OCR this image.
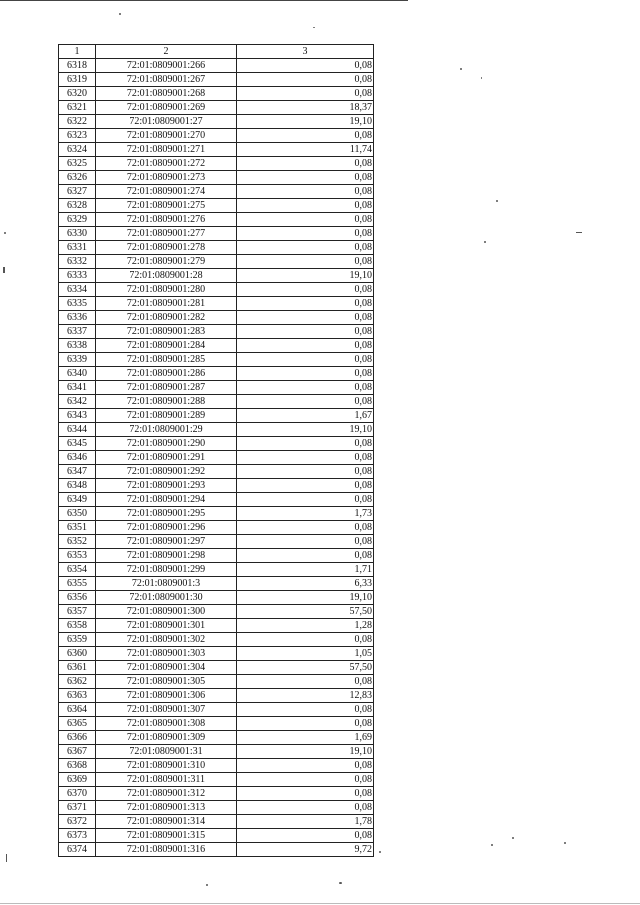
1	2	3
6318	72:01:0809001:266	0,08
6319	72:01:0809001:267	0,08
6320	72:01:0809001:268	0,08
6321	72:01:0809001:269	18,37
6322	72:01:0809001:27	19,10
6323	72:01:0809001:270	0,08
6324	72:01:0809001:271	11,74
6325	72:01:0809001:272	0,08
6326	72:01:0809001:273	0,08
6327	72:01:0809001:274	0,08
6328	72:01:0809001:275	0,08
6329	72:01:0809001:276	0,08
6330	72:01:0809001:277	0,08
6331	72:01:0809001:278	0,08
6332	72:01:0809001:279	0,08
6333	72:01:0809001:28	19,10
6334	72:01:0809001:280	0,08
6335	72:01:0809001:281	0,08
6336	72:01:0809001:282	0,08
6337	72:01:0809001:283	0,08
6338	72:01:0809001:284	0,08
6339	72:01:0809001:285	0,08
6340	72:01:0809001:286	0,08
6341	72:01:0809001:287	0,08
6342	72:01:0809001:288	0,08
6343	72:01:0809001:289	1,67
6344	72:01:0809001:29	19,10
6345	72:01:0809001:290	0,08
6346	72:01:0809001:291	0,08
6347	72:01:0809001:292	0,08
6348	72:01:0809001:293	0,08
6349	72:01:0809001:294	0,08
6350	72:01:0809001:295	1,73
6351	72:01:0809001:296	0,08
6352	72:01:0809001:297	0,08
6353	72:01:0809001:298	0,08
6354	72:01:0809001:299	1,71
6355	72:01:0809001:3	6,33
6356	72:01:0809001:30	19,10
6357	72:01:0809001:300	57,50
6358	72:01:0809001:301	1,28
6359	72:01:0809001:302	0,08
6360	72:01:0809001:303	1,05
6361	72:01:0809001:304	57,50
6362	72:01:0809001:305	0,08
6363	72:01:0809001:306	12,83
6364	72:01:0809001:307	0,08
6365	72:01:0809001:308	0,08
6366	72:01:0809001:309	1,69
6367	72:01:0809001:31	19,10
6368	72:01:0809001:310	0,08
6369	72:01:0809001:311	0,08
6370	72:01:0809001:312	0,08
6371	72:01:0809001:313	0,08
6372	72:01:0809001:314	1,78
6373	72:01:0809001:315	0,08
6374	72:01:0809001:316	9,72
